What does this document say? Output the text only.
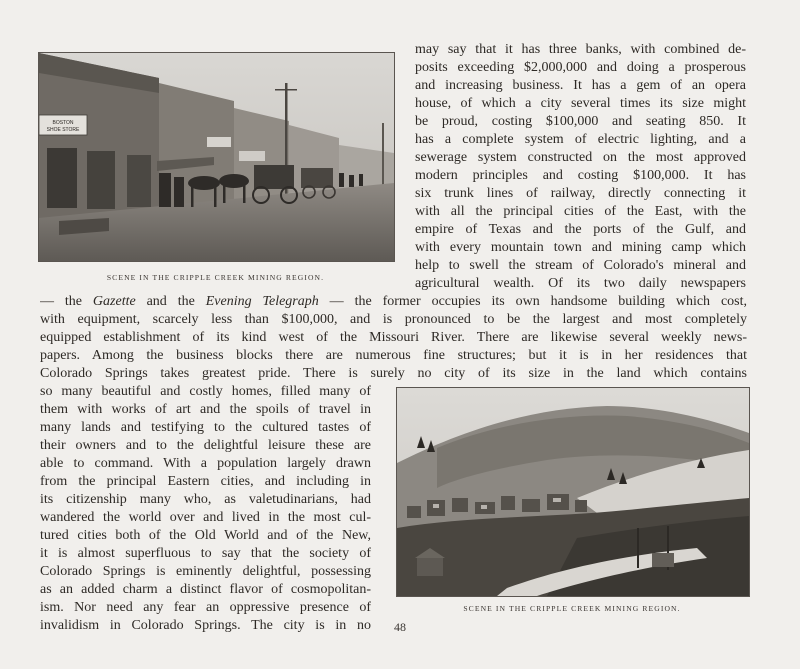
BOSTON
SHOE STORE
SCENE IN THE CRIPPLE CREEK MINING REGION.
may say that it has three banks, with combined de-
posits exceeding $2,000,000 and doing a prosperous
and increasing business. It has a gem of an opera
house, of which a city several times its size might
be proud, costing $100,000 and seating 850. It
has a complete system of electric lighting, and a
sewerage system constructed on the most approved
modern principles and costing $100,000. It has
six trunk lines of railway, directly connecting it
with all the principal cities of the East, with the
empire of Texas and the ports of the Gulf, and
with every mountain town and mining camp which
help to swell the stream of Colorado's mineral and
agricultural wealth. Of its two daily newspapers
— the Gazette and the Evening Telegraph — the former occupies its own handsome building which cost,
with equipment, scarcely less than $100,000, and is pronounced to be the largest and most completely
equipped establishment of its kind west of the Missouri River. There are likewise several weekly news-
papers. Among the business blocks there are numerous fine structures; but it is in her residences that
Colorado Springs takes greatest pride. There is surely no city of its size in the land which contains
so many beautiful and costly homes, filled many of
them with works of art and the spoils of travel in
many lands and testifying to the cultured tastes of
their owners and to the delightful leisure these are
able to command. With a population largely drawn
from the principal Eastern cities, and including in
its citizenship many who, as valetudinarians, had
wandered the world over and lived in the most cul-
tured cities both of the Old World and of the New,
it is almost superfluous to say that the society of
Colorado Springs is eminently delightful, possessing
as an added charm a distinct flavor of cosmopolitan-
ism. Nor need any fear an oppressive presence of
invalidism in Colorado Springs. The city is in no
SCENE IN THE CRIPPLE CREEK MINING REGION.
48
